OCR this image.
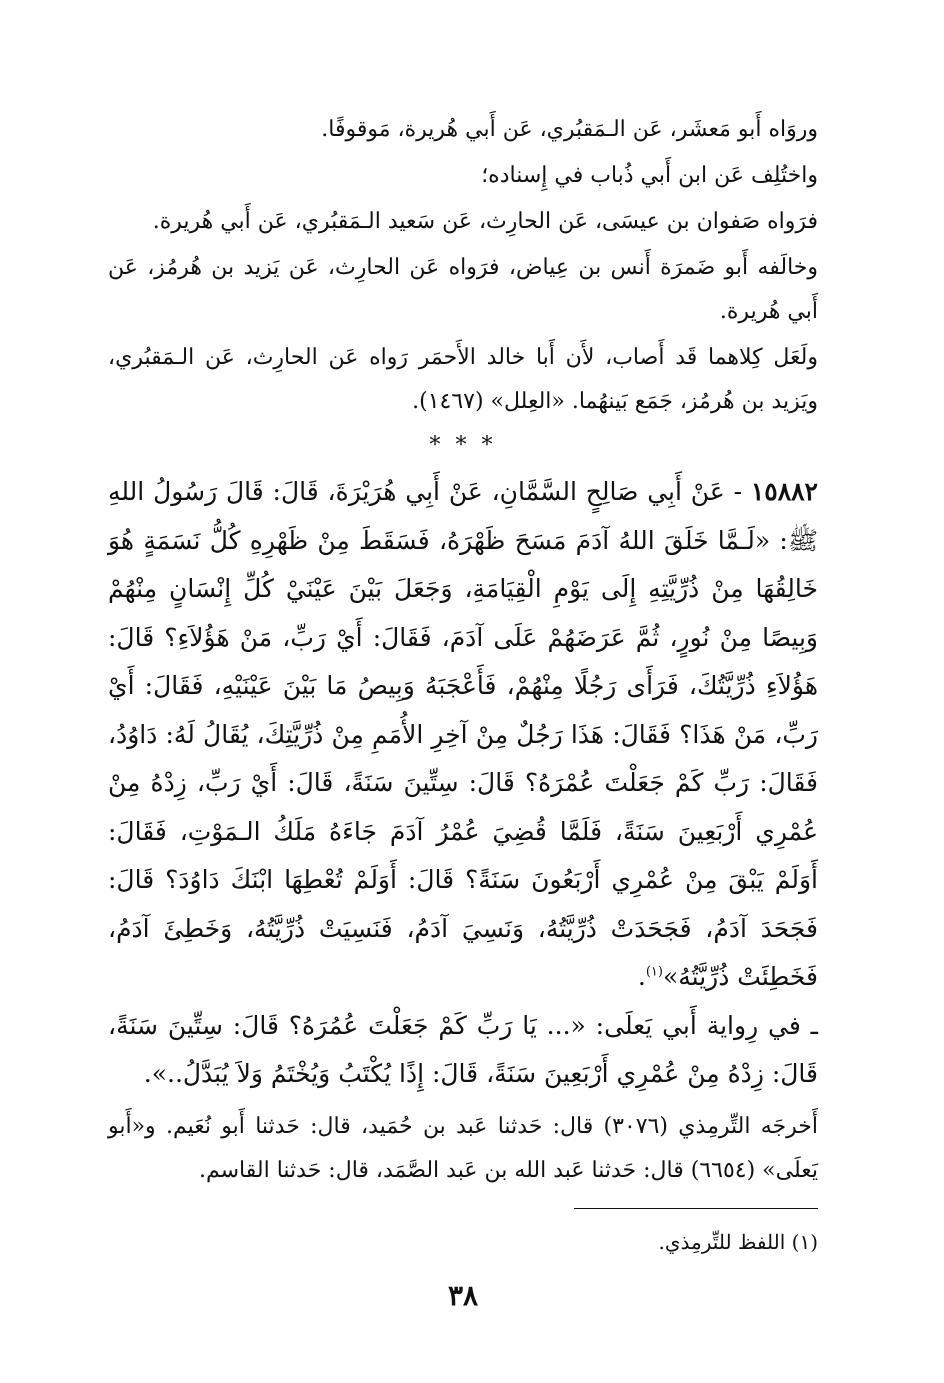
وروَاه أَبو مَعشَر، عَن الـمَقبُري، عَن أَبي هُريرة، مَوقوفًا.

واختُلِف عَن ابن أَبي ذُباب في إِسناده؛

فرَواه صَفوان بن عيسَى، عَن الحارِث، عَن سَعيد الـمَقبُري، عَن أَبي هُريرة.

وخالَفه أَبو ضَمرَة أَنس بن عِياض، فرَواه عَن الحارِث، عَن يَزيد بن هُرمُز، عَن أَبي هُريرة.

ولَعَل كِلاهما قَد أَصاب، لأَن أَبا خالد الأَحمَر رَواه عَن الحارِث، عَن الـمَقبُري، ويَزيد بن هُرمُز، جَمَع بَينهُما. «العِلل» (١٤٦٧).

* * *

١٥٨٨٢ - عَنْ أَبِي صَالِحٍ السَّمَّانِ، عَنْ أَبِي هُرَيْرَةَ، قَالَ: قَالَ رَسُولُ اللهِ ﷺ: «لَـمَّا خَلَقَ اللهُ آدَمَ مَسَحَ ظَهْرَهُ، فَسَقَطَ مِنْ ظَهْرِهِ كُلُّ نَسَمَةٍ هُوَ خَالِقُهَا مِنْ ذُرِّيَّتِهِ إِلَى يَوْمِ الْقِيَامَةِ، وَجَعَلَ بَيْنَ عَيْنَيْ كُلِّ إِنْسَانٍ مِنْهُمْ وَبِيصًا مِنْ نُورٍ، ثُمَّ عَرَضَهُمْ عَلَى آدَمَ، فَقَالَ: أَيْ رَبِّ، مَنْ هَؤُلاَءِ؟ قَالَ: هَؤُلاَءِ ذُرِّيَّتُكَ، فَرَأَى رَجُلًا مِنْهُمْ، فَأَعْجَبَهُ وَبِيصُ مَا بَيْنَ عَيْنَيْهِ، فَقَالَ: أَيْ رَبِّ، مَنْ هَذَا؟ فَقَالَ: هَذَا رَجُلٌ مِنْ آخِرِ الأُمَمِ مِنْ ذُرِّيَّتِكَ، يُقَالُ لَهُ: دَاوُدُ، فَقَالَ: رَبِّ كَمْ جَعَلْتَ عُمْرَهُ؟ قَالَ: سِتِّينَ سَنَةً، قَالَ: أَيْ رَبِّ، زِدْهُ مِنْ عُمْرِي أَرْبَعِينَ سَنَةً، فَلَمَّا قُضِيَ عُمْرُ آدَمَ جَاءَهُ مَلَكُ الـمَوْتِ، فَقَالَ: أَوَلَمْ يَبْقَ مِنْ عُمْرِي أَرْبَعُونَ سَنَةً؟ قَالَ: أَوَلَمْ تُعْطِهَا ابْنَكَ دَاوُدَ؟ قَالَ: فَجَحَدَ آدَمُ، فَجَحَدَتْ ذُرِّيَّتُهُ، وَنَسِيَ آدَمُ، فَنَسِيَتْ ذُرِّيَّتُهُ، وَخَطِئَ آدَمُ، فَخَطِئَتْ ذُرِّيَّتُهُ»$^{(١)}$.

ـ في رِواية أَبي يَعلَى: «... يَا رَبِّ كَمْ جَعَلْتَ عُمُرَهُ؟ قَالَ: سِتِّينَ سَنَةً، قَالَ: زِدْهُ مِنْ عُمْرِي أَرْبَعِينَ سَنَةً، قَالَ: إِذًا يُكْتَبُ وَيُخْتَمُ وَلاَ يُبَدَّلُ..».

أَخرجَه التِّرمِذي (٣٠٧٦) قال: حَدثنا عَبد بن حُمَيد، قال: حَدثنا أَبو نُعَيم. و«أَبو يَعلَى» (٦٦٥٤) قال: حَدثنا عَبد الله بن عَبد الصَّمَد، قال: حَدثنا القاسم.

(١) اللفظ للتِّرمِذي.
٣٨
